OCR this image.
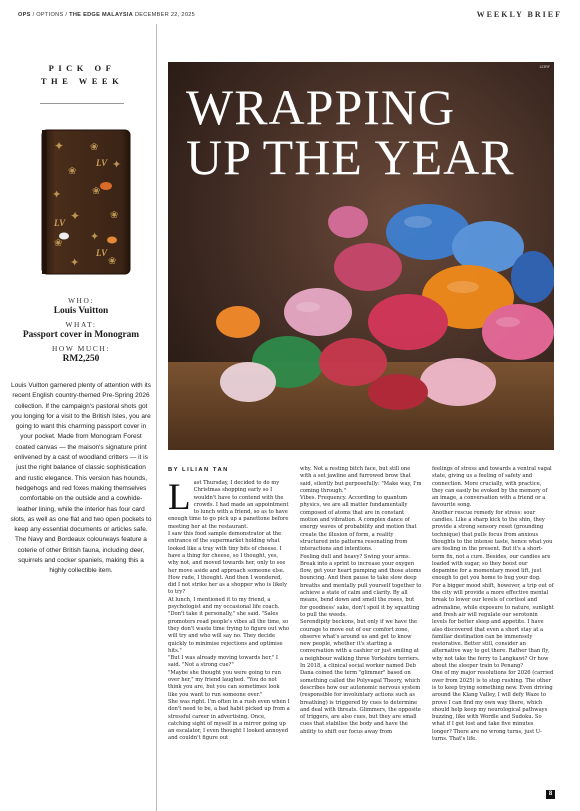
OPS / OPTIONS / THE EDGE MALAYSIA DECEMBER 22, 2025	WEEKLY BRIEF
PICK OF THE WEEK
✦	❀
✦
❀
✦	❀
✦	❀
❀
✦
✦	❀
LV
LV
LV
WHO:
Louis Vuitton
WHAT:
Passport cover in Monogram
HOW MUCH:
RM2,250
Louis Vuitton garnered plenty of attention with its recent English country-themed Pre-Spring 2026 collection. If the campaign's pastoral shots got you longing for a visit to the British Isles, you are going to want this charming passport cover in your pocket. Made from Monogram Forest coated canvas — the maison's signature print enlivened by a cast of woodland critters — it is just the right balance of classic sophistication and rustic elegance. This version has hounds, hedgehogs and red foxes making themselves comfortable on the outside and a cowhide-leather lining, while the interior has four card slots, as well as one flat and two open pockets to keep any essential documents or articles safe. The Navy and Bordeaux colourways feature a coterie of other British fauna, including deer, squirrels and cocker spaniels, making this a highly collectible item.
123RF
WRAPPING
UP THE YEAR
BY LILIAN TAN
L ast Thursday, I decided to do my Christmas shopping early so I wouldn't have to contend with the crowds. I had made an appointment to lunch with a friend, so as to have enough time to go pick up a panettone before meeting her at the restaurant.

I saw this food sample demonstrator at the entrance of the supermarket holding what looked like a tray with tiny bits of cheese. I have a thing for cheese, so I thought, yes, why not, and moved towards her, only to see her move aside and approach someone else. How rude, I thought. And then I wondered, did I not strike her as a shopper who is likely to try?

At lunch, I mentioned it to my friend, a psychologist and my occasional life coach. "Don't take it personally," she said. "Sales promoters read people's vibes all the time, so they don't waste time trying to figure out who will try and who will say no. They decide quickly to minimise rejections and optimise hits."

"But I was already moving towards her," I said. "Not a strong cue?"

"Maybe she thought you were going to run over her," my friend laughed. "You do not think you are, but you can sometimes look like you want to run someone over."

She was right. I'm often in a rush even when I don't need to be, a bad habit picked up from a stressful career in advertising. Once, catching sight of myself in a mirror going up an escalator, I even thought I looked annoyed and couldn't figure out

why. Not a resting bitch face, but still one with a set jawline and furrowed brow that said, silently but purposefully: "Make way, I'm coming through."

Vibes. Frequency. According to quantum physics, we are all matter fundamentally composed of atoms that are in constant motion and vibration. A complex dance of energy waves of probability and motion that create the illusion of form, a reality structured into patterns resonating from interactions and intentions.

Feeling dull and heavy? Swing your arms. Break into a sprint to increase your oxygen flow, get your heart pumping and those atoms bouncing. And then pause to take slow deep breaths and mentally pull yourself together to achieve a state of calm and clarity. By all means, bend down and smell the roses, but for goodness' sake, don't spoil it by squatting to pull the weeds.

Serendipity beckons, but only if we have the courage to move out of our comfort zone, observe what's around us and get to know new people, whether it's starting a conversation with a cashier or just smiling at a neighbour walking three Yorkshire terriers.

In 2018, a clinical social worker named Deb Dana coined the term "glimmer" based on something called the Polyvagal Theory, which describes how our autonomic nervous system (responsible for involuntary actions such as breathing) is triggered by cues to determine and deal with threats. Glimmers, the opposite of triggers, are also cues, but they are small cues that stabilise the body and have the ability to shift our focus away from

feelings of stress and towards a ventral vagal state, giving us a feeling of safety and connection. More crucially, with practice, they can easily be evoked by the memory of an image, a conversation with a friend or a favourite song.

Another rescue remedy for stress: sour candies. Like a sharp kick to the shin, they provide a strong sensory reset (grounding technique) that pulls focus from anxious thoughts to the intense taste, hence what you are feeling in the present. But it's a short-term fix, not a cure. Besides, our candies are loaded with sugar, so they boost our dopamine for a momentary mood lift, just enough to get you home to hug your dog.

For a bigger mood shift, however, a trip out of the city will provide a more effective mental break to lower our levels of cortisol and adrenaline, while exposure to nature, sunlight and fresh air will regulate our serotonin levels for better sleep and appetite. I have also discovered that even a short stay at a familiar destination can be immensely restorative. Better still, consider an alternative way to get there. Rather than fly, why not take the ferry to Langkawi? Or how about the sleeper train to Penang?

One of my major resolutions for 2026 (carried over from 2025) is to stop rushing. The other is to keep trying something new. Even driving around the Klang Valley, I will defy Waze to prove I can find my own way there, which should help keep my neurological pathways buzzing, like with Wordle and Sudoku. So what if I get lost and take five minutes longer? There are no wrong turns, just U-turns. That's life.

8
